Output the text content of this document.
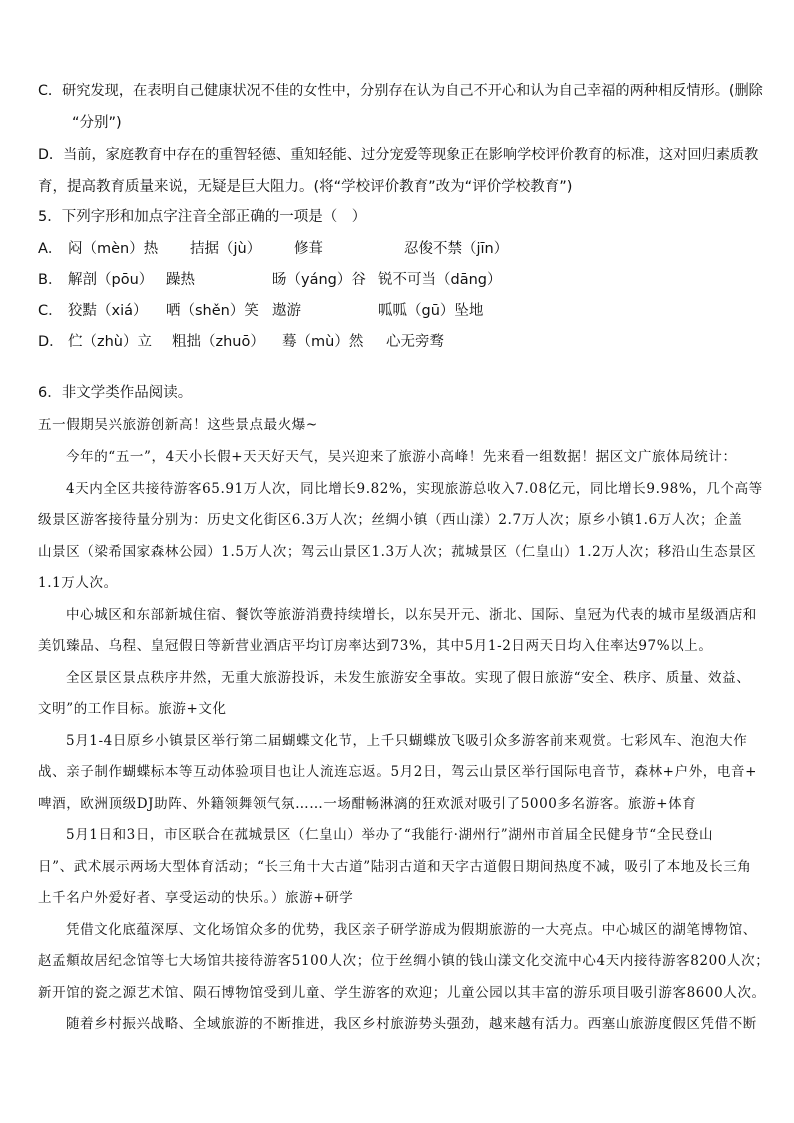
C．研究发现，在表明自己健康状况不佳的女性中，分别存在认为自己不开心和认为自己幸福的两种相反情形。(删除
“分别”)
D．当前，家庭教育中存在的重智轻德、重知轻能、过分宠爱等现象正在影响学校评价教育的标准，这对回归素质教
育，提高教育质量来说，无疑是巨大阻力。(将“学校评价教育”改为“评价学校教育”)
5．下列字形和加点字注音全部正确的一项是（　）
A． 闷（mèn）热 拮据（jù） 修葺	忍俊不禁（jīn）
B． 解剖（pōu） 躁热	旸（yáng）谷 锐不可当（dāng）
C． 狡黠（xiá） 哂（shěn）笑 遨游	呱呱（gū）坠地
D． 伫（zhù）立 粗拙（zhuō） 蓦（mù）然 心无旁骛
6．非文学类作品阅读。
五一假期吴兴旅游创新高！这些景点最火爆~
今年的“五一”，4天小长假+天天好天气，吴兴迎来了旅游小高峰！先来看一组数据！据区文广旅体局统计：
4天内全区共接待游客65.91万人次，同比增长9.82%，实现旅游总收入7.08亿元，同比增长9.98%，几个高等
级景区游客接待量分别为：历史文化街区6.3万人次；丝绸小镇（西山漾）2.7万人次；原乡小镇1.6万人次；企盖
山景区（梁希国家森林公园）1.5万人次；驾云山景区1.3万人次；菰城景区（仁皇山）1.2万人次；移沿山生态景区
1.1万人次。
中心城区和东部新城住宿、餐饮等旅游消费持续增长，以东吴开元、浙北、国际、皇冠为代表的城市星级酒店和
美饥臻品、乌程、皇冠假日等新营业酒店平均订房率达到73%，其中5月1-2日两天日均入住率达97%以上。
全区景区景点秩序井然，无重大旅游投诉，未发生旅游安全事故。实现了假日旅游“安全、秩序、质量、效益、
文明”的工作目标。旅游+文化
5月1-4日原乡小镇景区举行第二届蝴蝶文化节，上千只蝴蝶放飞吸引众多游客前来观赏。七彩风车、泡泡大作
战、亲子制作蝴蝶标本等互动体验项目也让人流连忘返。5月2日，驾云山景区举行国际电音节，森林+户外，电音+
啤酒，欧洲顶级DJ助阵、外籍领舞领气氛……一场酣畅淋漓的狂欢派对吸引了5000多名游客。旅游+体育
5月1日和3日，市区联合在菰城景区（仁皇山）举办了“我能行·湖州行”湖州市首届全民健身节“全民登山
日”、武术展示两场大型体育活动；“长三角十大古道”陆羽古道和天字古道假日期间热度不减，吸引了本地及长三角
上千名户外爱好者、享受运动的快乐。）旅游+研学
凭借文化底蕴深厚、文化场馆众多的优势，我区亲子研学游成为假期旅游的一大亮点。中心城区的湖笔博物馆、
赵孟頫故居纪念馆等七大场馆共接待游客5100人次；位于丝绸小镇的钱山漾文化交流中心4天内接待游客8200人次；
新开馆的瓷之源艺术馆、陨石博物馆受到儿童、学生游客的欢迎；儿童公园以其丰富的游乐项目吸引游客8600人次。
随着乡村振兴战略、全域旅游的不断推进，我区乡村旅游势头强劲，越来越有活力。西塞山旅游度假区凭借不断
